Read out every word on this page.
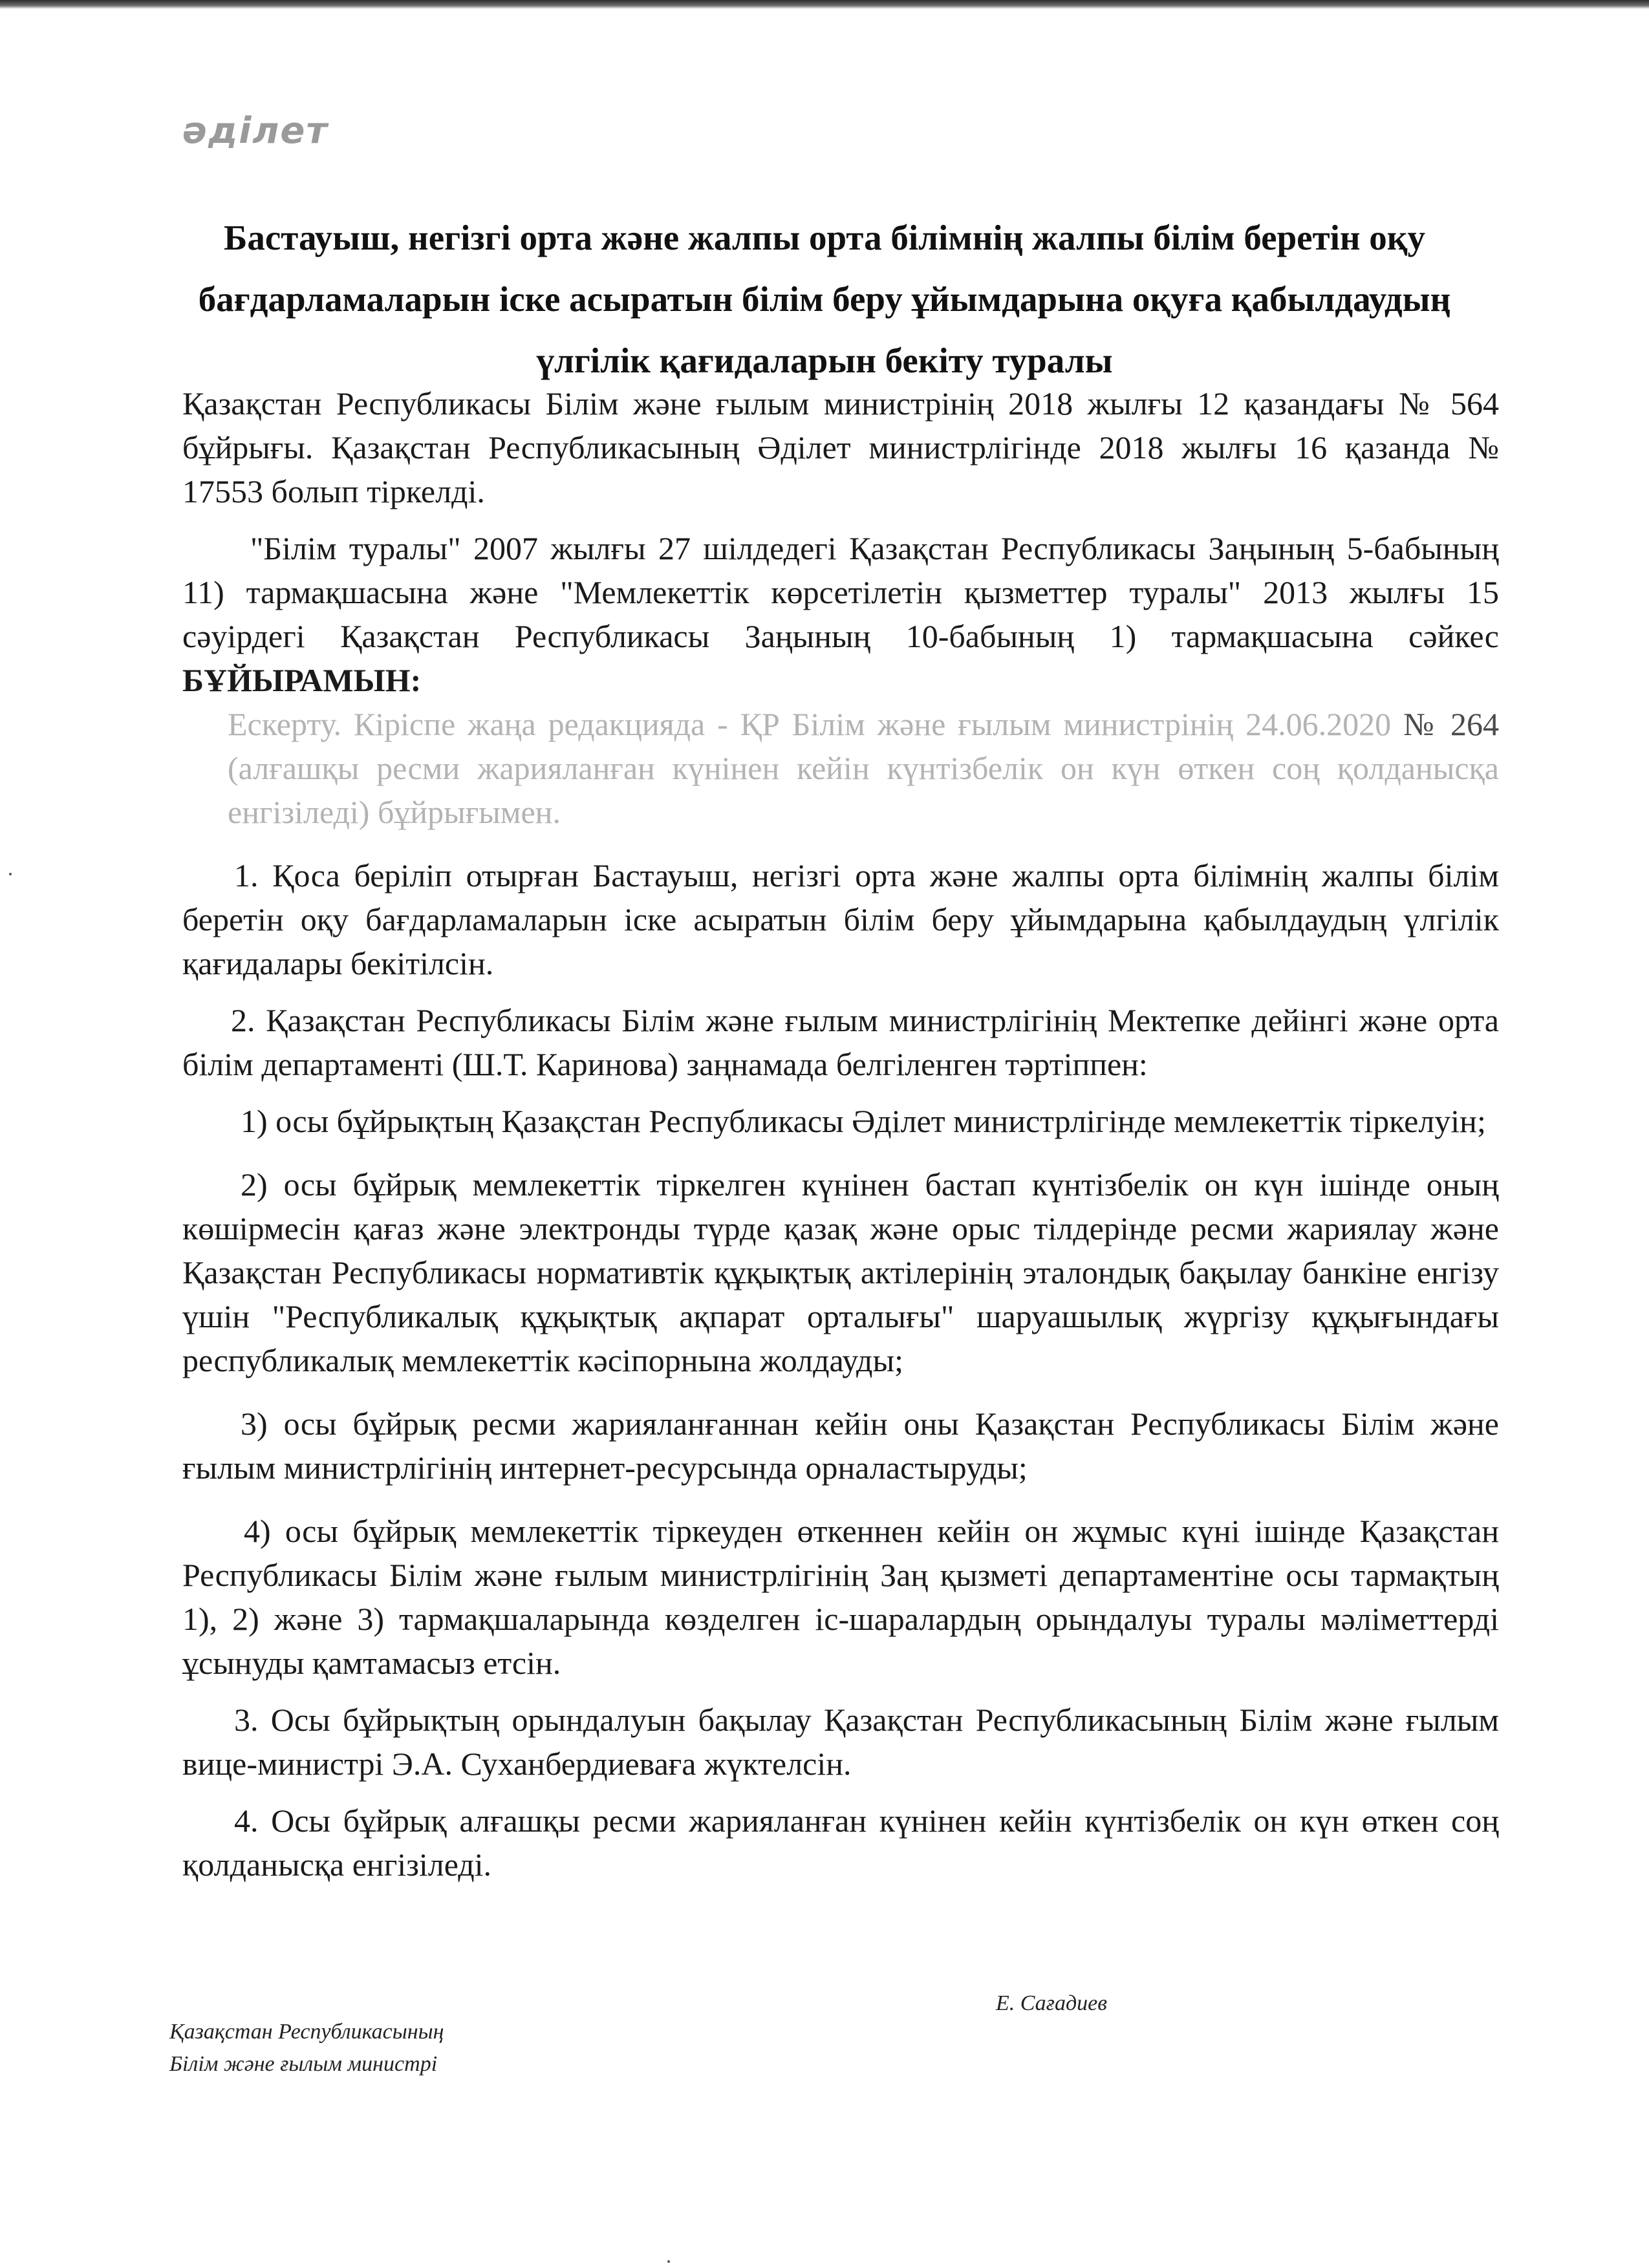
әділет
Бастауыш, негізгі орта және жалпы орта білімнің жалпы білім беретін оқу бағдарламаларын іске асыратын білім беру ұйымдарына оқуға қабылдаудың үлгілік қағидаларын бекіту туралы

Қазақстан Республикасы Білім және ғылым министрінің 2018 жылғы 12 қазандағы № 564 бұйрығы. Қазақстан Республикасының Әділет министрлігінде 2018 жылғы 16 қазанда № 17553 болып тіркелді.

"Білім туралы" 2007 жылғы 27 шілдедегі Қазақстан Республикасы Заңының 5-бабының 11) тармақшасына және "Мемлекеттік көрсетілетін қызметтер туралы" 2013 жылғы 15 сәуірдегі Қазақстан Республикасы Заңының 10-бабының 1) тармақшасына сәйкес БҰЙЫРАМЫН:

Ескерту. Кіріспе жаңа редакцияда - ҚР Білім және ғылым министрінің 24.06.2020 № 264 (алғашқы ресми жарияланған күнінен кейін күнтізбелік он күн өткен соң қолданысқа енгізіледі) бұйрығымен.

1. Қоса беріліп отырған Бастауыш, негізгі орта және жалпы орта білімнің жалпы білім беретін оқу бағдарламаларын іске асыратын білім беру ұйымдарына қабылдаудың үлгілік қағидалары бекітілсін.

2. Қазақстан Республикасы Білім және ғылым министрлігінің Мектепке дейінгі және орта білім департаменті (Ш.Т. Каринова) заңнамада белгіленген тәртіппен:

1) осы бұйрықтың Қазақстан Республикасы Әділет министрлігінде мемлекеттік тіркелуін;

2) осы бұйрық мемлекеттік тіркелген күнінен бастап күнтізбелік он күн ішінде оның көшірмесін қағаз және электронды түрде қазақ және орыс тілдерінде ресми жариялау және Қазақстан Республикасы нормативтік құқықтық актілерінің эталондық бақылау банкіне енгізу үшін "Республикалық құқықтық ақпарат орталығы" шаруашылық жүргізу құқығындағы республикалық мемлекеттік кәсіпорнына жолдауды;

3) осы бұйрық ресми жарияланғаннан кейін оны Қазақстан Республикасы Білім және ғылым министрлігінің интернет-ресурсында орналастыруды;

4) осы бұйрық мемлекеттік тіркеуден өткеннен кейін он жұмыс күні ішінде Қазақстан Республикасы Білім және ғылым министрлігінің Заң қызметі департаментіне осы тармақтың 1), 2) және 3) тармақшаларында көзделген іс-шаралардың орындалуы туралы мәліметтерді ұсынуды қамтамасыз етсін.

3. Осы бұйрықтың орындалуын бақылау Қазақстан Республикасының Білім және ғылым вице-министрі Э.А. Суханбердиеваға жүктелсін.

4. Осы бұйрық алғашқы ресми жарияланған күнінен кейін күнтізбелік он күн өткен соң қолданысқа енгізіледі.

Е. Сағадиев
Қазақстан Республикасының
Білім және ғылым министрі
